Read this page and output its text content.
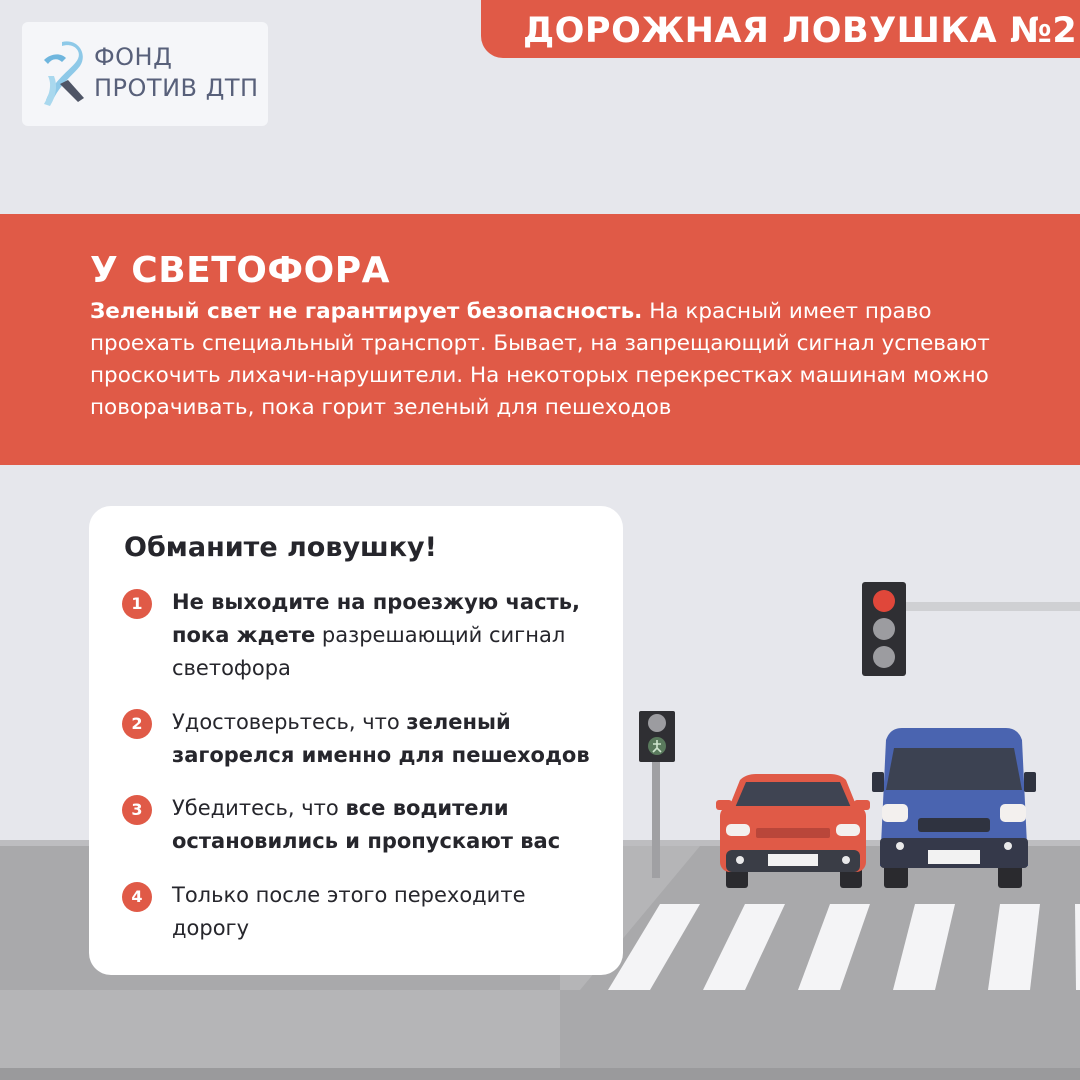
ДОРОЖНАЯ ЛОВУШКА №2
ФОНД
ПРОТИВ ДТП
У СВЕТОФОРА
Зеленый свет не гарантирует безопасность. На красный имеет право проехать специальный транспорт. Бывает, на запрещающий сигнал успевают проскочить лихачи-нарушители. На некоторых перекрестках машинам можно поворачивать, пока горит зеленый для пешеходов
Обманите ловушку!
1	Не выходите на проезжую часть, пока ждете разрешающий сигнал светофора
2	Удостоверьтесь, что зеленый загорелся именно для пешеходов
3	Убедитесь, что все водители остановились и пропускают вас
4	Только после этого переходите дорогу
